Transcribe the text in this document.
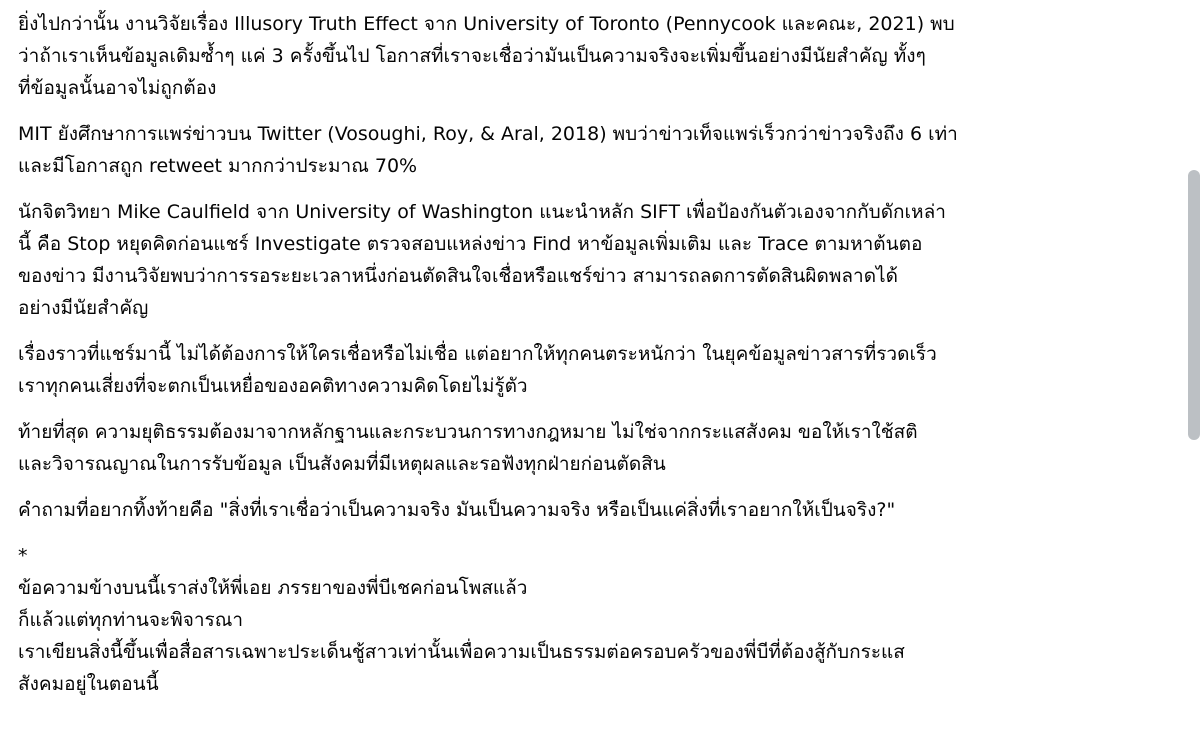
ยิ่งไปกว่านั้น งานวิจัยเรื่อง Illusory Truth Effect จาก University of Toronto (Pennycook และคณะ, 2021) พบ
ว่าถ้าเราเห็นข้อมูลเดิมซ้ำๆ แค่ 3 ครั้งขึ้นไป โอกาสที่เราจะเชื่อว่ามันเป็นความจริงจะเพิ่มขึ้นอย่างมีนัยสำคัญ ทั้งๆ
ที่ข้อมูลนั้นอาจไม่ถูกต้อง
MIT ยังศึกษาการแพร่ข่าวบน Twitter (Vosoughi, Roy, & Aral, 2018) พบว่าข่าวเท็จแพร่เร็วกว่าข่าวจริงถึง 6 เท่า
และมีโอกาสถูก retweet มากกว่าประมาณ 70%
นักจิตวิทยา Mike Caulfield จาก University of Washington แนะนำหลัก SIFT เพื่อป้องกันตัวเองจากกับดักเหล่า
นี้ คือ Stop หยุดคิดก่อนแชร์ Investigate ตรวจสอบแหล่งข่าว Find หาข้อมูลเพิ่มเติม และ Trace ตามหาต้นตอ
ของข่าว มีงานวิจัยพบว่าการรอระยะเวลาหนึ่งก่อนตัดสินใจเชื่อหรือแชร์ข่าว สามารถลดการตัดสินผิดพลาดได้
อย่างมีนัยสำคัญ
เรื่องราวที่แชร์มานี้ ไม่ได้ต้องการให้ใครเชื่อหรือไม่เชื่อ แต่อยากให้ทุกคนตระหนักว่า ในยุคข้อมูลข่าวสารที่รวดเร็ว
เราทุกคนเสี่ยงที่จะตกเป็นเหยื่อของอคติทางความคิดโดยไม่รู้ตัว
ท้ายที่สุด ความยุติธรรมต้องมาจากหลักฐานและกระบวนการทางกฎหมาย ไม่ใช่จากกระแสสังคม ขอให้เราใช้สติ
และวิจารณญาณในการรับข้อมูล เป็นสังคมที่มีเหตุผลและรอฟังทุกฝ่ายก่อนตัดสิน
คำถามที่อยากทิ้งท้ายคือ "สิ่งที่เราเชื่อว่าเป็นความจริง มันเป็นความจริง หรือเป็นแค่สิ่งที่เราอยากให้เป็นจริง?"
*
ข้อความข้างบนนี้เราส่งให้พี่เอย ภรรยาของพี่บีเชคก่อนโพสแล้ว
ก็แล้วแต่ทุกท่านจะพิจารณา
เราเขียนสิ่งนี้ขึ้นเพื่อสื่อสารเฉพาะประเด็นชู้สาวเท่านั้นเพื่อความเป็นธรรมต่อครอบครัวของพี่บีที่ต้องสู้กับกระแส
สังคมอยู่ในตอนนี้
